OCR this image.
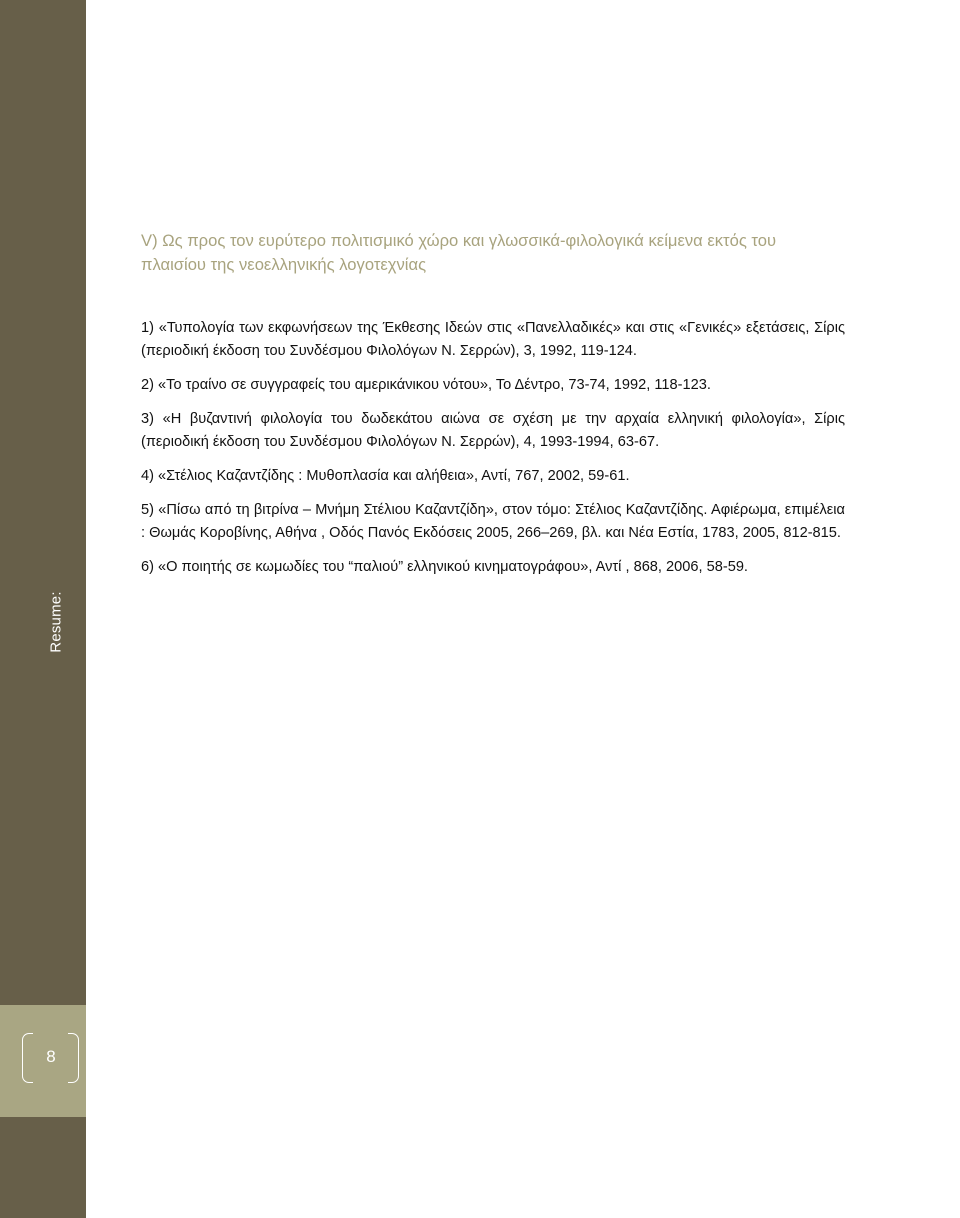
Resume:
8
V) Ως προς τον ευρύτερο πολιτισμικό χώρο και γλωσσικά-φιλολογικά κείμενα εκτός του πλαισίου της νεοελληνικής λογοτεχνίας
1) «Τυπολογία των εκφωνήσεων της Έκθεσης Ιδεών στις «Πανελλαδικές» και στις «Γενικές» εξετάσεις, Σίρις (περιοδική έκδοση του Συνδέσμου Φιλολόγων Ν. Σερρών), 3, 1992, 119-124.
2) «Το τραίνο σε συγγραφείς του αμερικάνικου νότου», Το Δέντρο, 73-74, 1992, 118-123.
3) «Η βυζαντινή φιλολογία του δωδεκάτου αιώνα σε σχέση με την αρχαία ελληνική φιλολογία», Σίρις (περιοδική έκδοση του Συνδέσμου Φιλολόγων Ν. Σερρών), 4, 1993-1994, 63-67.
4) «Στέλιος Καζαντζίδης : Μυθοπλασία και αλήθεια», Αντί, 767, 2002, 59-61.
5) «Πίσω από τη βιτρίνα – Μνήμη Στέλιου Καζαντζίδη», στον τόμο: Στέλιος Καζαντζίδης. Αφιέρωμα, επιμέλεια : Θωμάς Κοροβίνης, Αθήνα , Οδός Πανός Εκδόσεις 2005, 266–269, βλ. και Νέα Εστία, 1783, 2005, 812-815.
6) «Ο ποιητής σε κωμωδίες του “παλιού” ελληνικού κινηματογράφου», Αντί , 868, 2006, 58-59.
